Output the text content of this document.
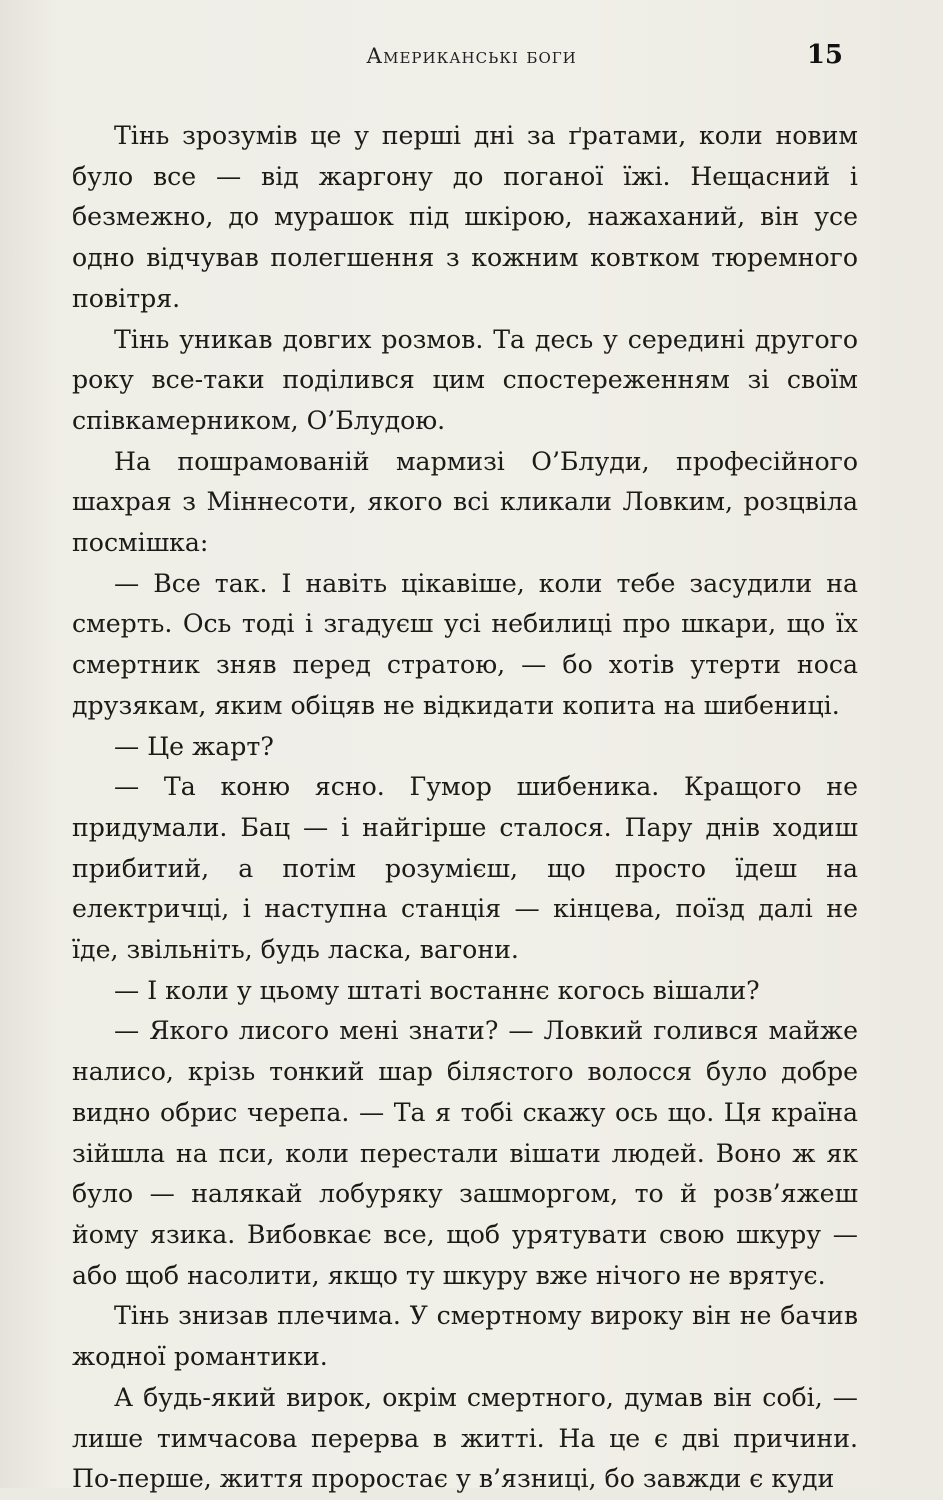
Американські боги	15

Тінь зрозумів це у перші дні за ґратами, коли новим було все — від жаргону до поганої їжі. Нещасний і безмежно, до мурашок під шкірою, нажаханий, він усе одно відчував полегшення з кожним ковтком тюремного повітря.

Тінь уникав довгих розмов. Та десь у середині другого року все-таки поділився цим спостереженням зі своїм співкамерником, О’Блудою.

На пошрамованій мармизі О’Блуди, професійного шахрая з Міннесоти, якого всі кликали Ловким, розцвіла посмішка:

— Все так. І навіть цікавіше, коли тебе засудили на смерть. Ось тоді і згадуєш усі небилиці про шкари, що їх смертник зняв перед стратою, — бо хотів утерти носа друзякам, яким обіцяв не відкидати копита на шибениці.

— Це жарт?

— Та коню ясно. Гумор шибеника. Кращого не придумали. Бац — і найгірше сталося. Пару днів ходиш прибитий, а потім розумієш, що просто їдеш на електричці, і наступна станція — кінцева, поїзд далі не їде, звільніть, будь ласка, вагони.

— І коли у цьому штаті востаннє когось вішали?

— Якого лисого мені знати? — Ловкий голився майже налисо, крізь тонкий шар білястого волосся було добре видно обрис черепа. — Та я тобі скажу ось що. Ця країна зійшла на пси, коли перестали вішати людей. Воно ж як було — налякай лобуряку зашморгом, то й розв’яжеш йому язика. Вибовкає все, щоб урятувати свою шкуру — або щоб насолити, якщо ту шкуру вже нічого не врятує.

Тінь знизав плечима. У смертному вироку він не бачив жодної романтики.

А будь-який вирок, окрім смертного, думав він собі, — лише тимчасова перерва в житті. На це є дві причини. По-перше, життя проростає у в’язниці, бо завжди є куди
